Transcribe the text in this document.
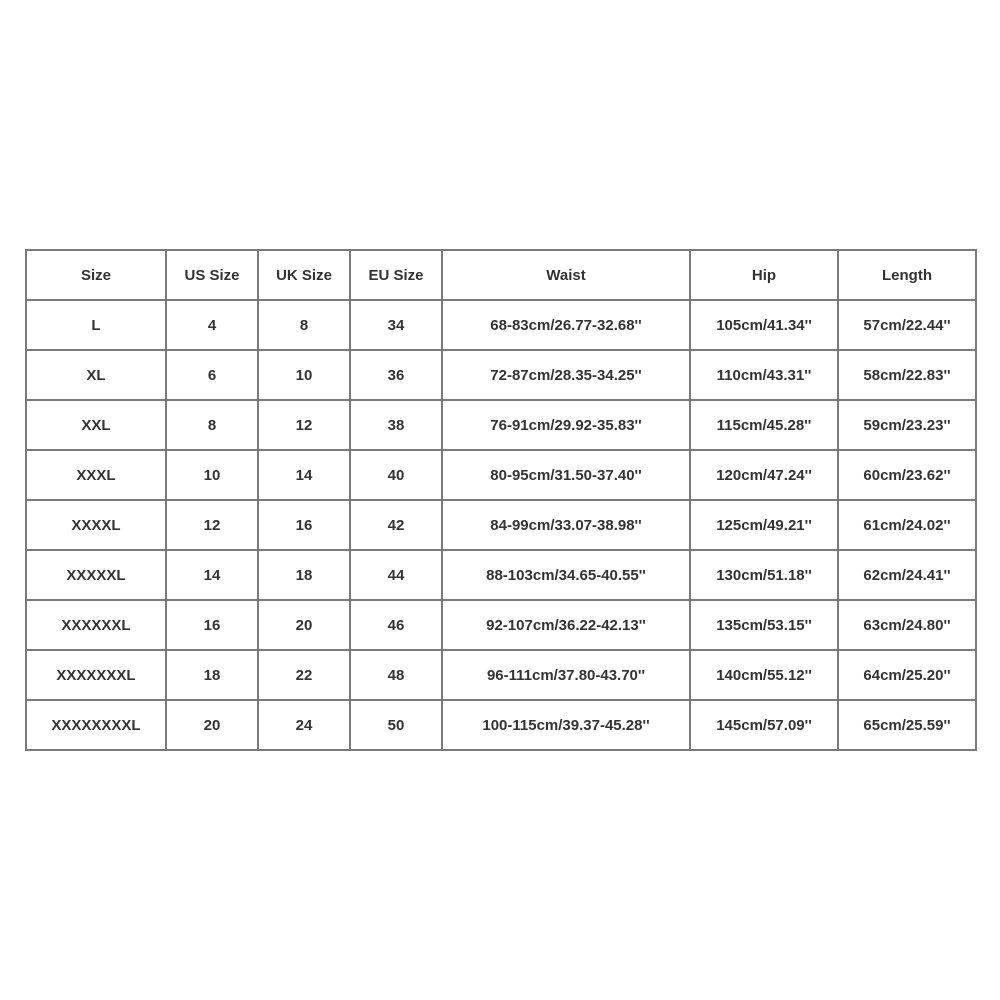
Size	US Size	UK Size	EU Size	Waist	Hip	Length
L	4	8	34	68-83cm/26.77-32.68''	105cm/41.34''	57cm/22.44''
XL	6	10	36	72-87cm/28.35-34.25''	110cm/43.31''	58cm/22.83''
XXL	8	12	38	76-91cm/29.92-35.83''	115cm/45.28''	59cm/23.23''
XXXL	10	14	40	80-95cm/31.50-37.40''	120cm/47.24''	60cm/23.62''
XXXXL	12	16	42	84-99cm/33.07-38.98''	125cm/49.21''	61cm/24.02''
XXXXXL	14	18	44	88-103cm/34.65-40.55''	130cm/51.18''	62cm/24.41''
XXXXXXL	16	20	46	92-107cm/36.22-42.13''	135cm/53.15''	63cm/24.80''
XXXXXXXL	18	22	48	96-111cm/37.80-43.70''	140cm/55.12''	64cm/25.20''
XXXXXXXXL	20	24	50	100-115cm/39.37-45.28''	145cm/57.09''	65cm/25.59''
